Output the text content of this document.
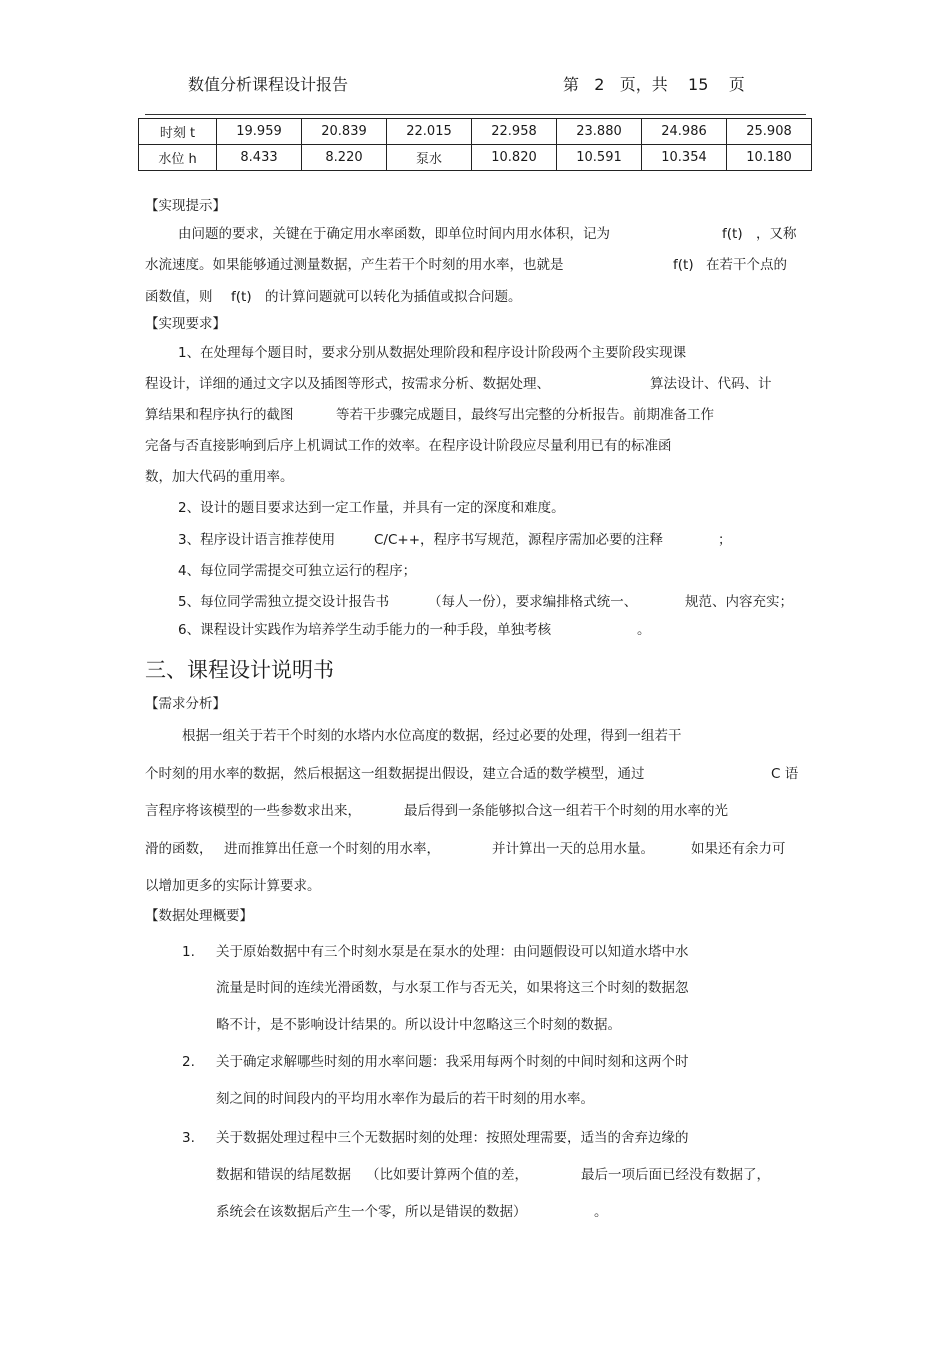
数值分析课程设计报告	第   2   页，共    15    页
时刻 t	19.959	20.839	22.015	22.958	23.880	24.986	25.908
水位 h	8.433	8.220	泵水	10.820	10.591	10.354	10.180
【实现提示】
由问题的要求，关键在于确定用水率函数，即单位时间内用水体积，记为	f(t) ，又称
水流速度。如果能够通过测量数据，产生若干个时刻的用水率，也就是	f(t) 在若干个点的
函数值，则 f(t) 的计算问题就可以转化为插值或拟合问题。
【实现要求】
1、在处理每个题目时，要求分别从数据处理阶段和程序设计阶段两个主要阶段实现课
程设计，详细的通过文字以及插图等形式，按需求分析、数据处理、	算法设计、代码、计
算结果和程序执行的截图	等若干步骤完成题目，最终写出完整的分析报告。前期准备工作
完备与否直接影响到后序上机调试工作的效率。在程序设计阶段应尽量利用已有的标准函
数，加大代码的重用率。
2、设计的题目要求达到一定工作量，并具有一定的深度和难度。
3、程序设计语言推荐使用	C/C++，程序书写规范，源程序需加必要的注释	；
4、每位同学需提交可独立运行的程序；
5、每位同学需独立提交设计报告书	（每人一份），要求编排格式统一、	规范、内容充实；
6、课程设计实践作为培养学生动手能力的一种手段，单独考核	。
三、课程设计说明书
【需求分析】
根据一组关于若干个时刻的水塔内水位高度的数据，经过必要的处理，得到一组若干
个时刻的用水率的数据，然后根据这一组数据提出假设，建立合适的数学模型，通过	C 语
言程序将该模型的一些参数求出来，	最后得到一条能够拟合这一组若干个时刻的用水率的光
滑的函数， 进而推算出任意一个时刻的用水率，	并计算出一天的总用水量。	如果还有余力可
以增加更多的实际计算要求。
【数据处理概要】
1. 关于原始数据中有三个时刻水泵是在泵水的处理：由问题假设可以知道水塔中水
流量是时间的连续光滑函数，与水泵工作与否无关，如果将这三个时刻的数据忽
略不计，是不影响设计结果的。所以设计中忽略这三个时刻的数据。
2. 关于确定求解哪些时刻的用水率问题：我采用每两个时刻的中间时刻和这两个时
刻之间的时间段内的平均用水率作为最后的若干时刻的用水率。
3. 关于数据处理过程中三个无数据时刻的处理：按照处理需要，适当的舍弃边缘的
数据和错误的结尾数据 （比如要计算两个值的差，	最后一项后面已经没有数据了，
系统会在该数据后产生一个零，所以是错误的数据）	。
